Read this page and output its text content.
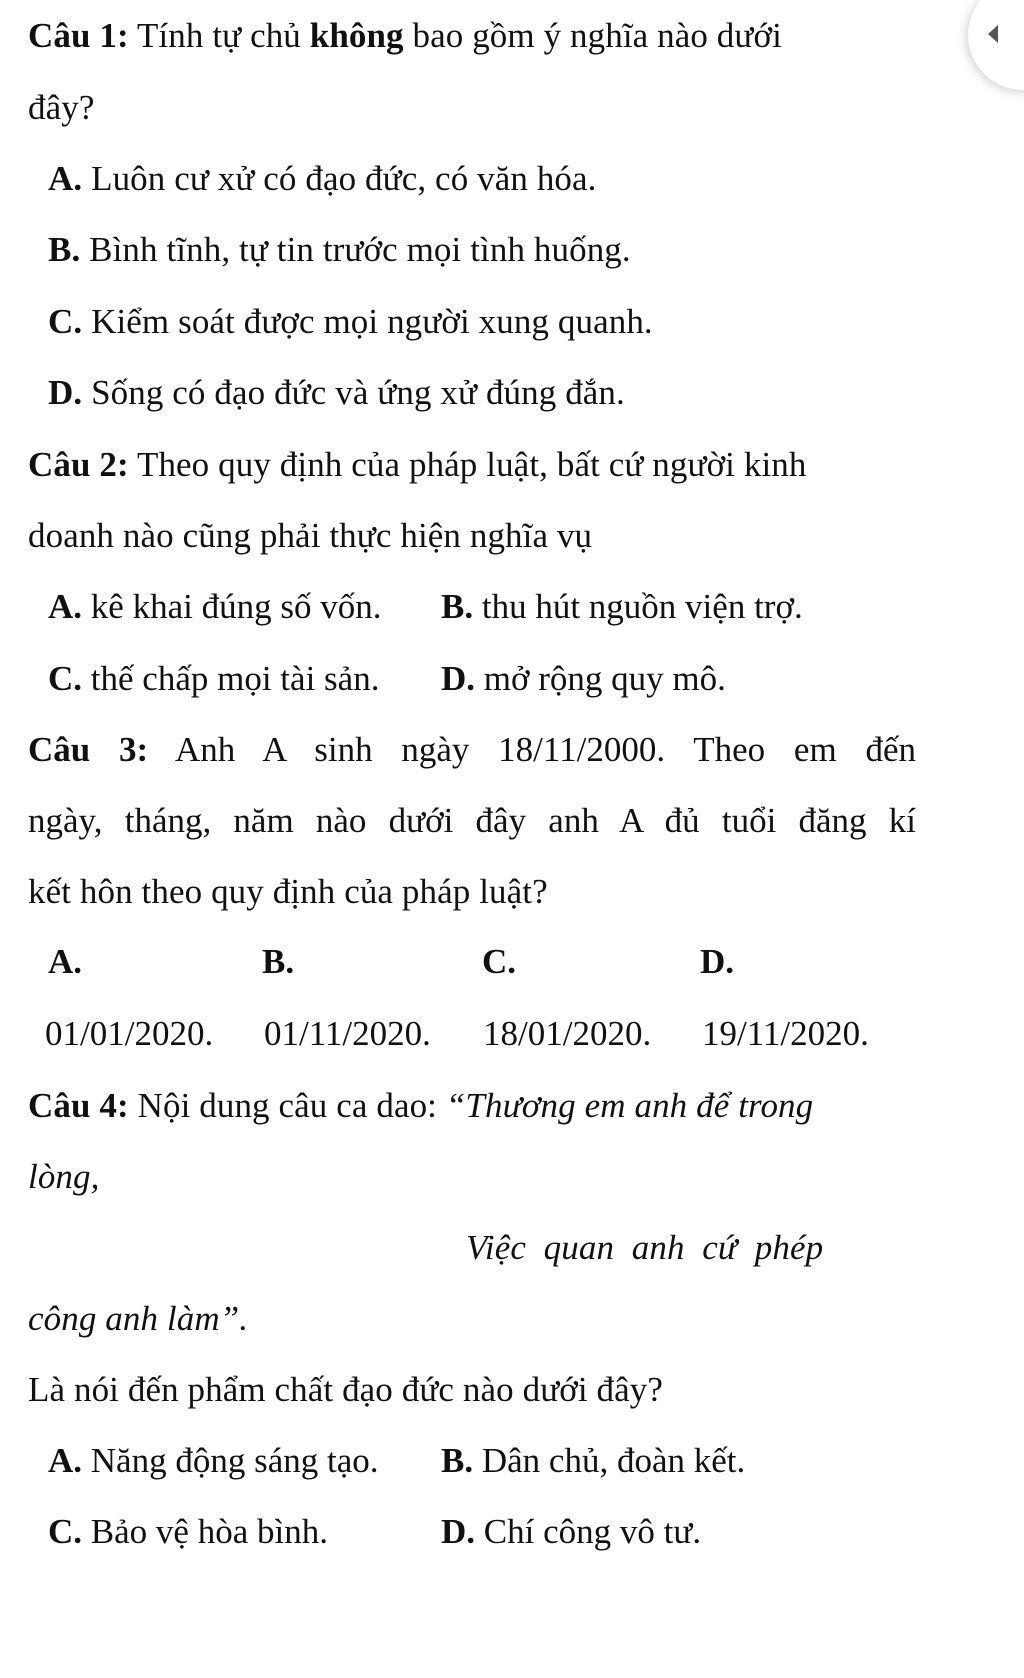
Câu 1: Tính tự chủ không bao gồm ý nghĩa nào dưới
đây?
A. Luôn cư xử có đạo đức, có văn hóa.
B. Bình tĩnh, tự tin trước mọi tình huống.
C. Kiểm soát được mọi người xung quanh.
D. Sống có đạo đức và ứng xử đúng đắn.
Câu 2: Theo quy định của pháp luật, bất cứ người kinh
doanh nào cũng phải thực hiện nghĩa vụ
A. kê khai đúng số vốn. B. thu hút nguồn viện trợ.
C. thế chấp mọi tài sản. D. mở rộng quy mô.
Câu 3: Anh A sinh ngày 18/11/2000. Theo em đến
ngày, tháng, năm nào dưới đây anh A đủ tuổi đăng kí
kết hôn theo quy định của pháp luật?
A.	B.	C.	D.
01/01/2020. 01/11/2020. 18/01/2020. 19/11/2020.
Câu 4: Nội dung câu ca dao: “Thương em anh để trong
lòng,
Việc  quan  anh  cứ  phép
công anh làm”.
Là nói đến phẩm chất đạo đức nào dưới đây?
A. Năng động sáng tạo. B. Dân chủ, đoàn kết.
C. Bảo vệ hòa bình.	D. Chí công vô tư.
